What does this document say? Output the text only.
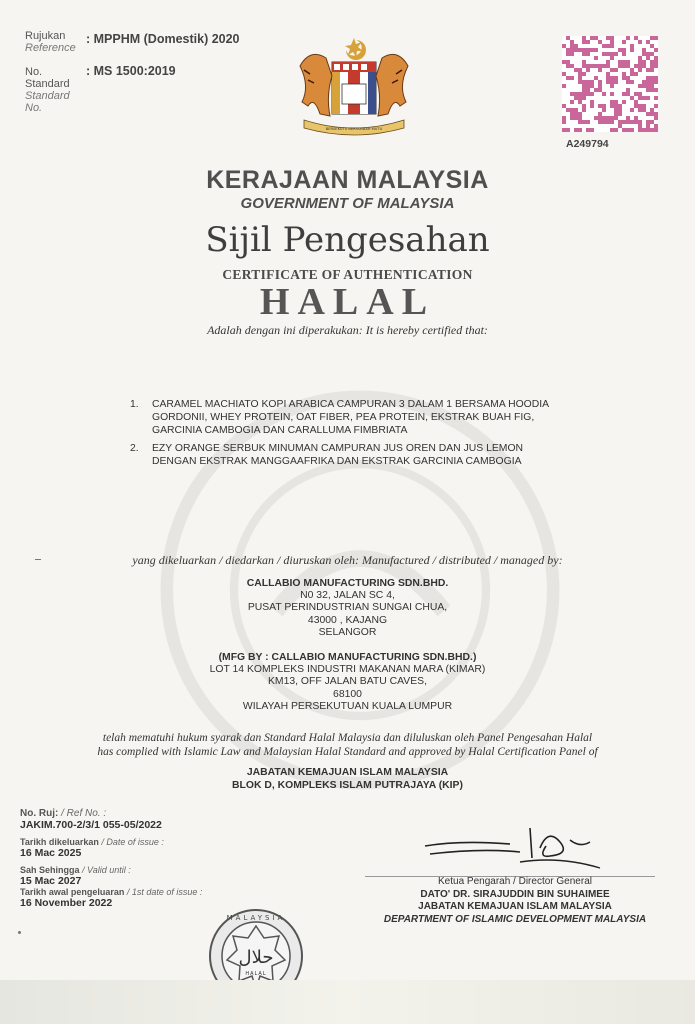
Rujukan
Reference
: MPPHM (Domestik) 2020
No.
Standard
Standard
No.
: MS 1500:2019
BERSEKUTU BERTAMBAH MUTU
A249794
KERAJAAN MALAYSIA
GOVERNMENT OF MALAYSIA
Sijil Pengesahan
CERTIFICATE OF AUTHENTICATION
HALAL
Adalah dengan ini diperakukan: It is hereby certified that:
1.	CARAMEL MACHIATO KOPI ARABICA CAMPURAN 3 DALAM 1 BERSAMA HOODIA GORDONII, WHEY PROTEIN, OAT FIBER, PEA PROTEIN, EKSTRAK BUAH FIG, GARCINIA CAMBOGIA DAN CARALLUMA FIMBRIATA
2.	EZY ORANGE SERBUK MINUMAN CAMPURAN JUS OREN DAN JUS LEMON DENGAN EKSTRAK MANGGAAFRIKA DAN EKSTRAK GARCINIA CAMBOGIA
yang dikeluarkan / diedarkan / diuruskan oleh: Manufactured / distributed / managed by:
CALLABIO MANUFACTURING SDN.BHD.
N0 32, JALAN SC 4,
PUSAT PERINDUSTRIAN SUNGAI CHUA,
43000 , KAJANG
SELANGOR
(MFG BY : CALLABIO MANUFACTURING SDN.BHD.)
LOT 14 KOMPLEKS INDUSTRI MAKANAN MARA (KIMAR)
KM13, OFF JALAN BATU CAVES,
68100
WILAYAH PERSEKUTUAN KUALA LUMPUR
telah mematuhi hukum syarak dan Standard Halal Malaysia dan diluluskan oleh Panel Pengesahan Halal
has complied with Islamic Law and Malaysian Halal Standard and approved by Halal Certification Panel of
JABATAN KEMAJUAN ISLAM MALAYSIA
BLOK D, KOMPLEKS ISLAM PUTRAJAYA (KIP)
No. Ruj: / Ref No. :
JAKIM.700-2/3/1 055-05/2022
Tarikh dikeluarkan / Date of issue :
16 Mac 2025
Sah Sehingga / Valid until :
15 Mac 2027
Tarikh awal pengeluaran / 1st date of issue :
16 November 2022
Ketua Pengarah / Director General
DATO' DR. SIRAJUDDIN BIN SUHAIMEE
JABATAN KEMAJUAN ISLAM MALAYSIA
DEPARTMENT OF ISLAMIC DEVELOPMENT MALAYSIA
MALAYSIA
حلال
HALAL
